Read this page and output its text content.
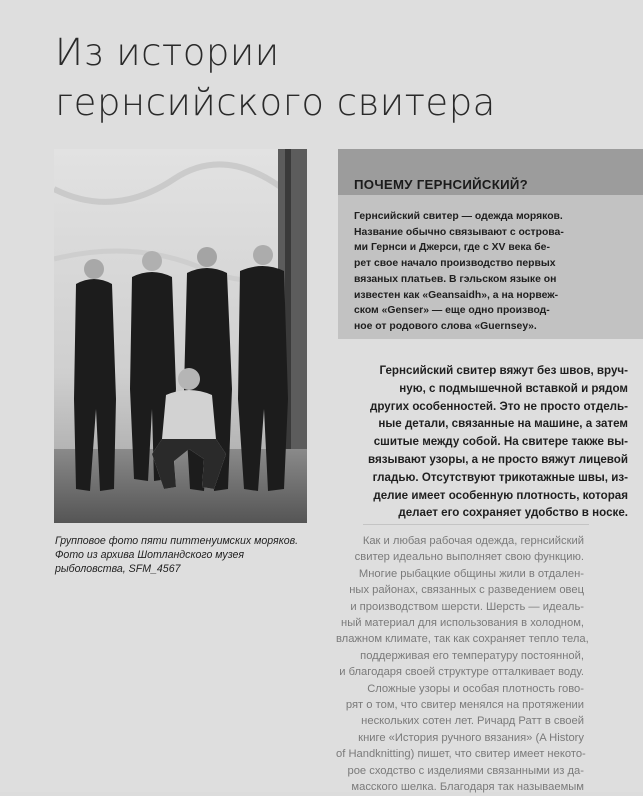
Из истории
гернсийского свитера
Групповое фото пяти питтенуимских моряков.
Фото из архива Шотландского музея
рыболовства, SFM_4567
ПОЧЕМУ ГЕРНСИЙСКИЙ?
Гернсийский свитер — одежда моряков.
Название обычно связывают с острова-
ми Гернси и Джерси, где с XV века бе-
рет свое начало производство первых
вязаных платьев. В гэльском языке он
известен как «Geansaidh», а на норвеж-
ском «Genser» — еще одно производ-
ное от родового слова «Guernsey».
Гернсийский свитер вяжут без швов, вруч-
ную, с подмышечной вставкой и рядом
других особенностей. Это не просто отдель-
ные детали, связанные на машине, а затем
сшитые между собой. На свитере также вы-
вязывают узоры, а не просто вяжут лицевой
гладью. Отсутствуют трикотажные швы, из-
делие имеет особенную плотность, которая
делает его сохраняет удобство в носке.
Как и любая рабочая одежда, гернсийский
свитер идеально выполняет свою функцию.
Многие рыбацкие общины жили в отдален-
ных районах, связанных с разведением овец
и производством шерсти. Шерсть — идеаль-
ный материал для использования в холодном,
влажном климате, так как сохраняет тепло тела,
поддерживая его температуру постоянной,
и благодаря своей структуре отталкивает воду.
Сложные узоры и особая плотность гово-
рят о том, что свитер менялся на протяжении
нескольких сотен лет. Ричард Ратт в своей
книге «История ручного вязания» (A History
of Handknitting) пишет, что свитер имеет некото-
рое сходство с изделиями связанными из да-
масского шелка. Благодаря так называемым
